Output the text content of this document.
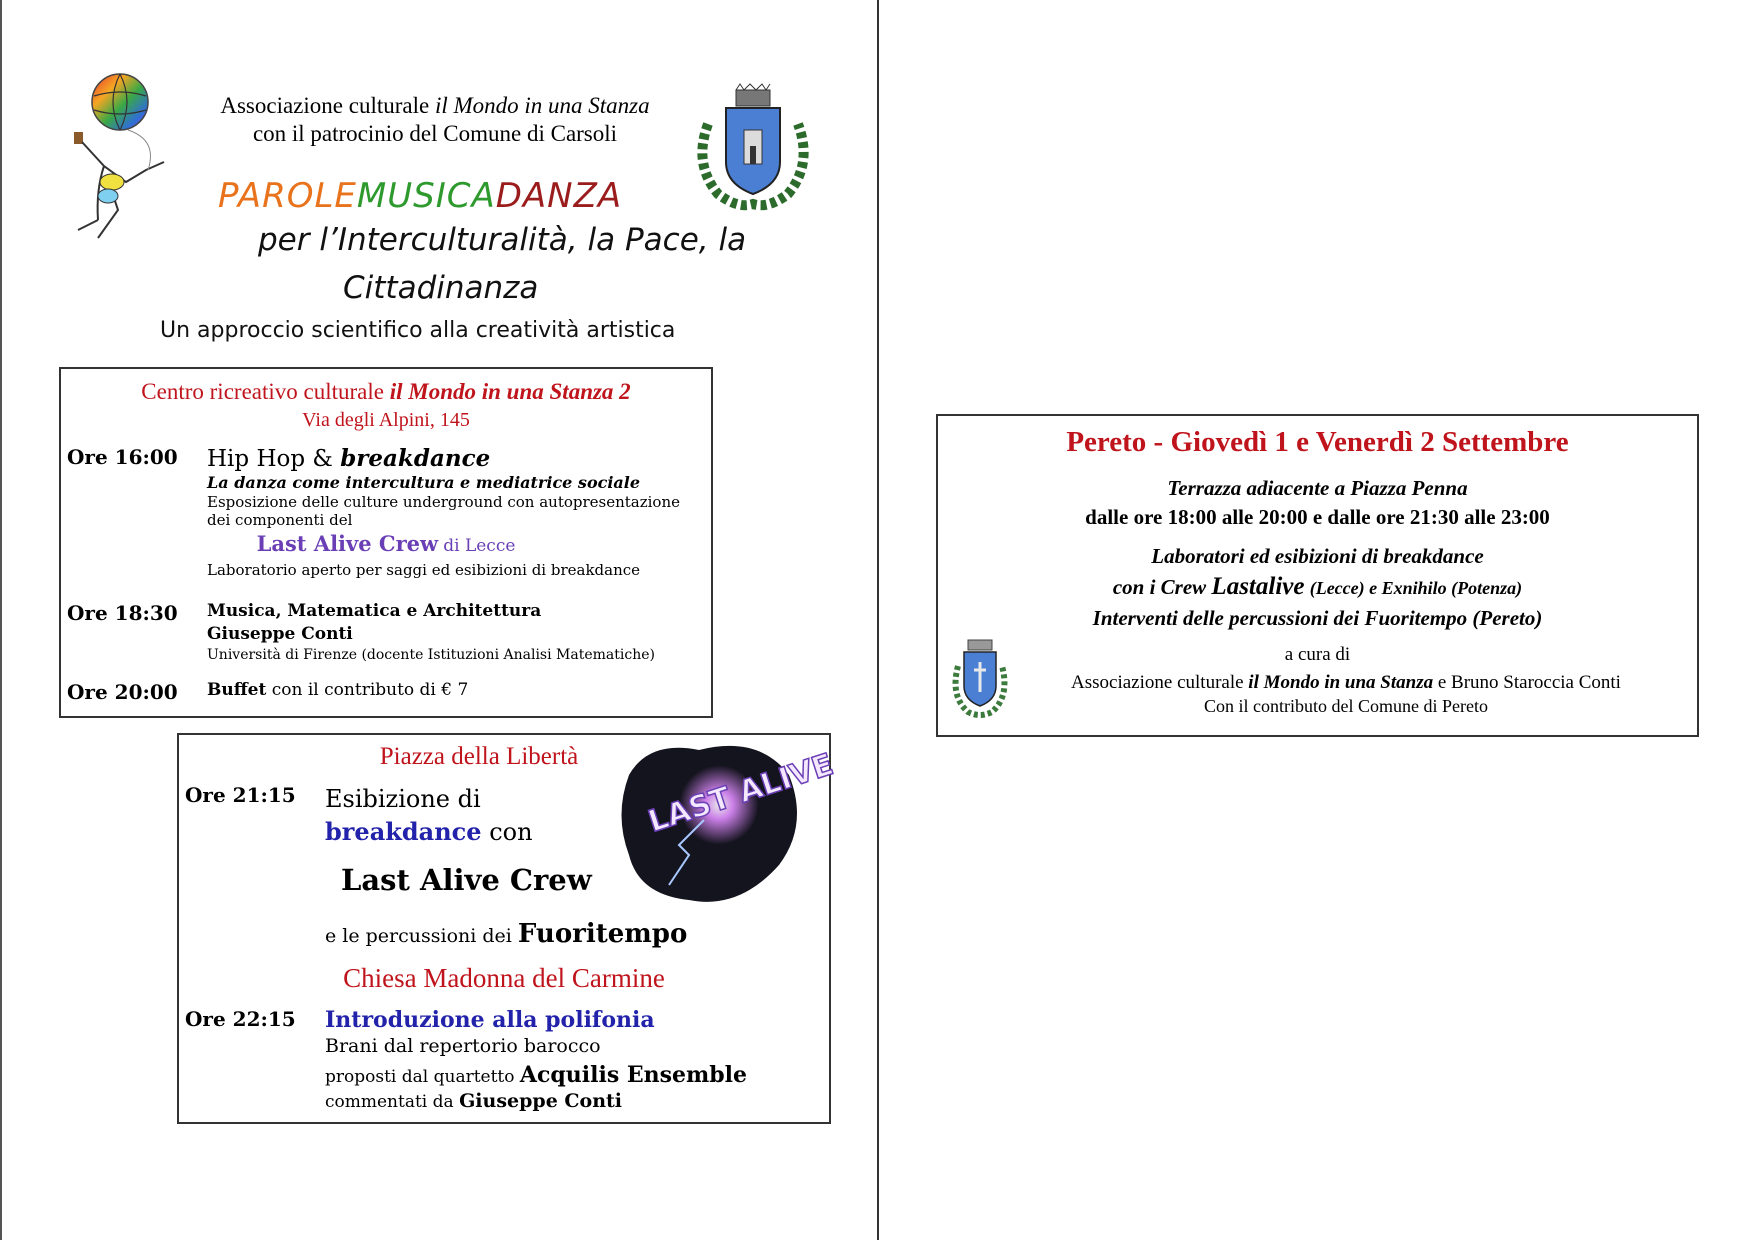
Associazione culturale il Mondo in una Stanza
con il patrocinio del Comune di Carsoli
PAROLEMUSICADANZA
per l’Interculturalità, la Pace, la
Cittadinanza
Un approccio scientifico alla creatività artistica
Centro ricreativo culturale il Mondo in una Stanza 2
Via degli Alpini, 145
Ore 16:00 Hip Hop & breakdance
La danza come intercultura e mediatrice sociale
Esposizione delle culture underground con autopresentazione dei componenti del
Last Alive Crew di Lecce
Laboratorio aperto per saggi ed esibizioni di breakdance
Ore 18:30 Musica, Matematica e Architettura
Giuseppe Conti
Università di Firenze (docente Istituzioni Analisi Matematiche)
Ore 20:00 Buffet con il contributo di € 7
Piazza della Libertà
Ore 21:15 Esibizione di
breakdance con
Last Alive Crew
e le percussioni dei Fuoritempo
LAST ALIVE
Chiesa Madonna del Carmine
Ore 22:15 Introduzione alla polifonia
Brani dal repertorio barocco
proposti dal quartetto Acquilis Ensemble
commentati da Giuseppe Conti
Pereto - Giovedì 1 e Venerdì 2 Settembre
Terrazza adiacente a Piazza Penna
dalle ore 18:00 alle 20:00 e dalle ore 21:30 alle 23:00
Laboratori ed esibizioni di breakdance
con i Crew Lastalive (Lecce) e Exnihilo (Potenza)
Interventi delle percussioni dei Fuoritempo (Pereto)
a cura di
Associazione culturale il Mondo in una Stanza e Bruno Staroccia Conti
Con il contributo del Comune di Pereto
